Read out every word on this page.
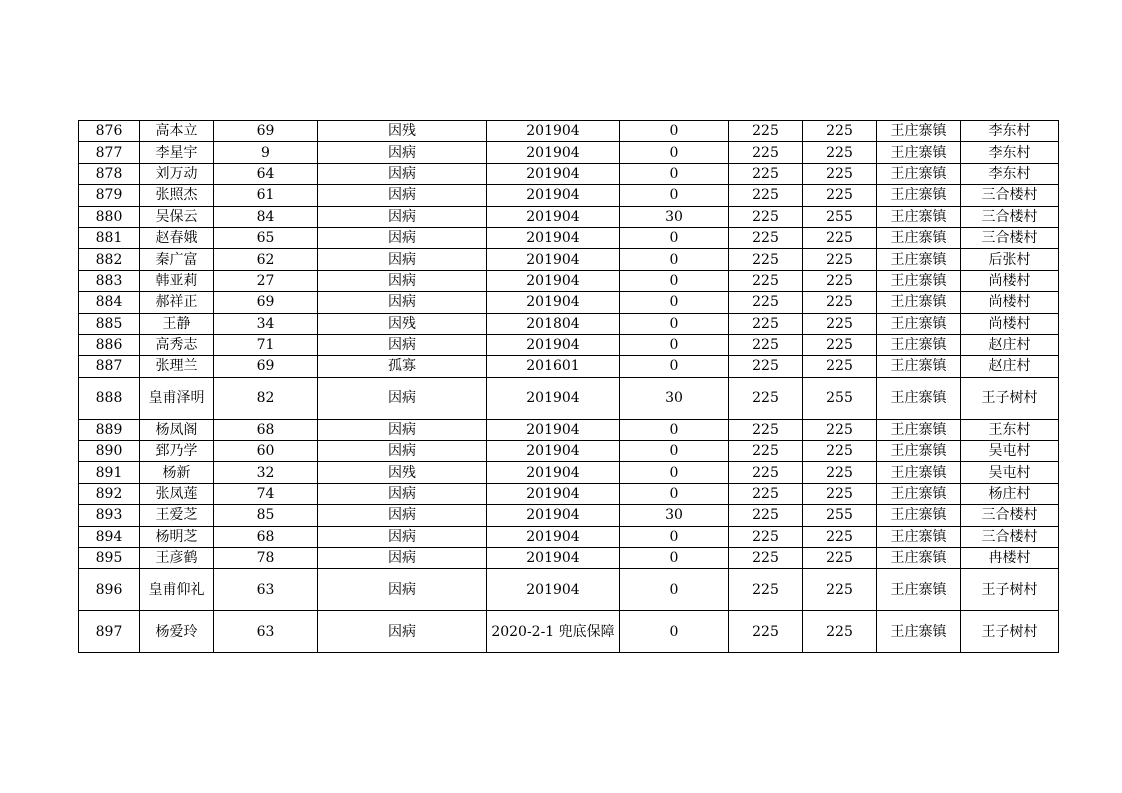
876	高本立	69	因残	201904	0	225	225	王庄寨镇	李东村

877	李星宇	9	因病	201904	0	225	225	王庄寨镇	李东村

878	刘万动	64	因病	201904	0	225	225	王庄寨镇	李东村

879	张照杰	61	因病	201904	0	225	225	王庄寨镇	三合楼村

880	吴保云	84	因病	201904	30	225	255	王庄寨镇	三合楼村

881	赵春娥	65	因病	201904	0	225	225	王庄寨镇	三合楼村

882	秦广富	62	因病	201904	0	225	225	王庄寨镇	后张村

883	韩亚莉	27	因病	201904	0	225	225	王庄寨镇	尚楼村

884	郝祥正	69	因病	201904	0	225	225	王庄寨镇	尚楼村

885	王静	34	因残	201804	0	225	225	王庄寨镇	尚楼村

886	高秀志	71	因病	201904	0	225	225	王庄寨镇	赵庄村

887	张理兰	69	孤寡	201601	0	225	225	王庄寨镇	赵庄村

888	皇甫泽明	82	因病	201904	30	225	255	王庄寨镇	王子树村

889	杨凤阁	68	因病	201904	0	225	225	王庄寨镇	王东村

890	郅乃学	60	因病	201904	0	225	225	王庄寨镇	吴屯村

891	杨新	32	因残	201904	0	225	225	王庄寨镇	吴屯村

892	张凤莲	74	因病	201904	0	225	225	王庄寨镇	杨庄村

893	王爱芝	85	因病	201904	30	225	255	王庄寨镇	三合楼村

894	杨明芝	68	因病	201904	0	225	225	王庄寨镇	三合楼村

895	王彦鹤	78	因病	201904	0	225	225	王庄寨镇	冉楼村

896	皇甫仰礼	63	因病	201904	0	225	225	王庄寨镇	王子树村

897	杨爱玲	63	因病	2020-2-1 兜底保障	0	225	225	王庄寨镇	王子树村
